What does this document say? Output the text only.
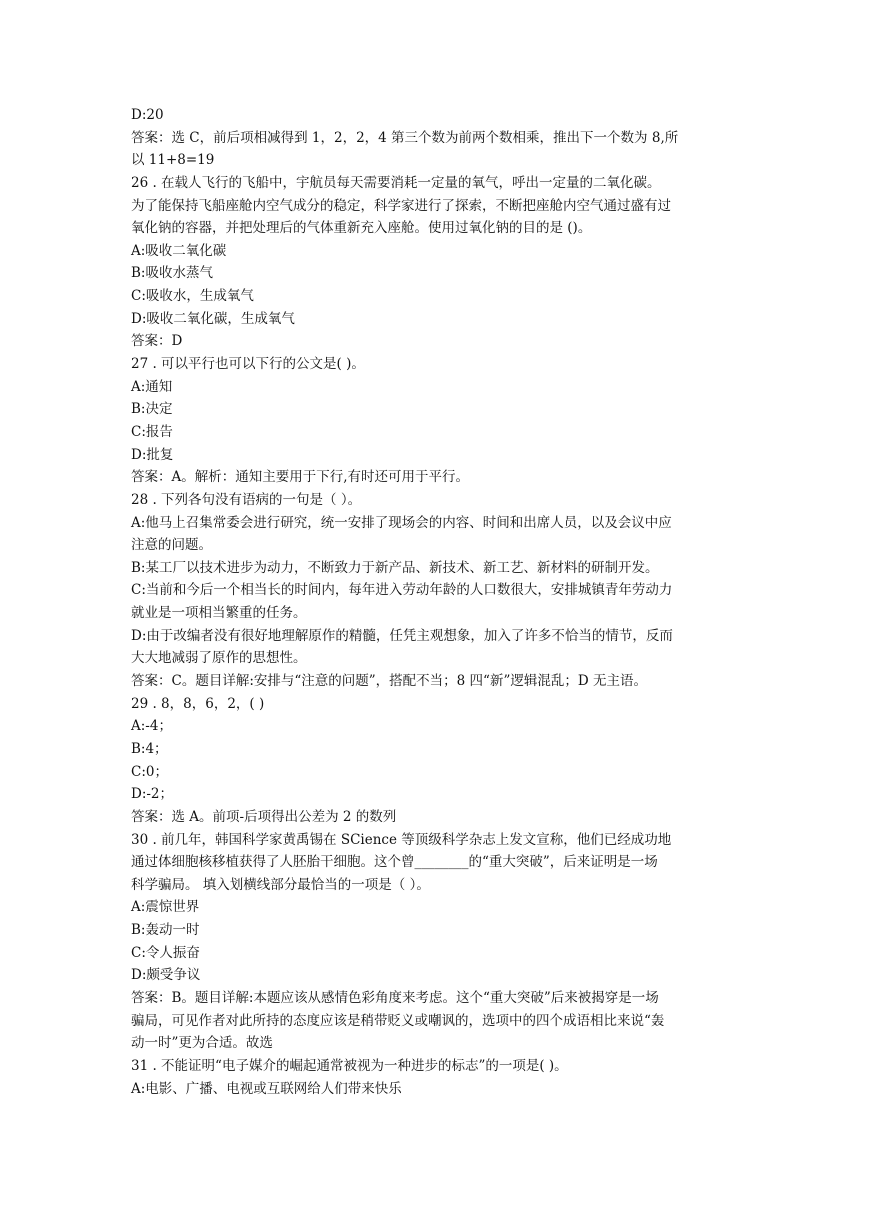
D:20
答案：选 C，前后项相减得到 1，2，2，4 第三个数为前两个数相乘，推出下一个数为 8,所
以 11+8=19
26 . 在载人飞行的飞船中，宇航员每天需要消耗一定量的氧气，呼出一定量的二氧化碳。
为了能保持飞船座舱内空气成分的稳定，科学家进行了探索，不断把座舱内空气通过盛有过
氧化钠的容器，并把处理后的气体重新充入座舱。使用过氧化钠的目的是 ()。
A:吸收二氧化碳
B:吸收水蒸气
C:吸收水，生成氧气
D:吸收二氧化碳，生成氧气
答案：D
27 . 可以平行也可以下行的公文是( )。
A:通知
B:决定
C:报告
D:批复
答案：A。解析：通知主要用于下行,有时还可用于平行。
28 . 下列各句没有语病的一句是（ ）。
A:他马上召集常委会进行研究，统一安排了现场会的内容、时间和出席人员，以及会议中应
注意的问题。
B:某工厂以技术进步为动力，不断致力于新产品、新技术、新工艺、新材料的研制开发。
C:当前和今后一个相当长的时间内，每年进入劳动年龄的人口数很大，安排城镇青年劳动力
就业是一项相当繁重的任务。
D:由于改编者没有很好地理解原作的精髓，任凭主观想象，加入了许多不恰当的情节，反而
大大地减弱了原作的思想性。
答案：C。题目详解:安排与“注意的问题”，搭配不当；8 四“新”逻辑混乱；D 无主语。
29 . 8，8，6，2，( )
A:-4；
B:4；
C:0；
D:-2；
答案：选 A。前项-后项得出公差为 2 的数列
30 . 前几年，韩国科学家黄禹锡在 SCience 等顶级科学杂志上发文宣称，他们已经成功地
通过体细胞核移植获得了人胚胎干细胞。这个曾________的“重大突破”，后来证明是一场
科学骗局。 填入划横线部分最恰当的一项是（ ）。
A:震惊世界
B:轰动一时
C:令人振奋
D:颇受争议
答案：B。题目详解:本题应该从感情色彩角度来考虑。这个“重大突破”后来被揭穿是一场
骗局，可见作者对此所持的态度应该是稍带贬义或嘲讽的，选项中的四个成语相比来说“轰
动一时”更为合适。故选
31 . 不能证明“电子媒介的崛起通常被视为一种进步的标志”的一项是( )。
A:电影、广播、电视或互联网给人们带来快乐
